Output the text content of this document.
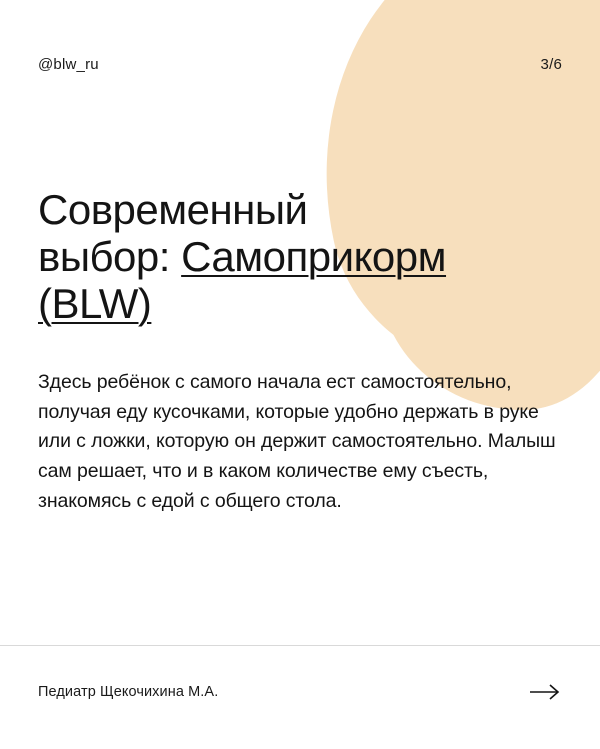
@blw_ru	3/6
Современный
выбор: Самоприкорм
(BLW)

Здесь ребёнок с самого начала ест самостоятельно, получая еду кусочками, которые удобно держать в руке или с ложки, которую он держит самостоятельно. Малыш сам решает, что и в каком количестве ему съесть, знакомясь с едой с общего стола.

Педиатр Щекочихина М.А.
